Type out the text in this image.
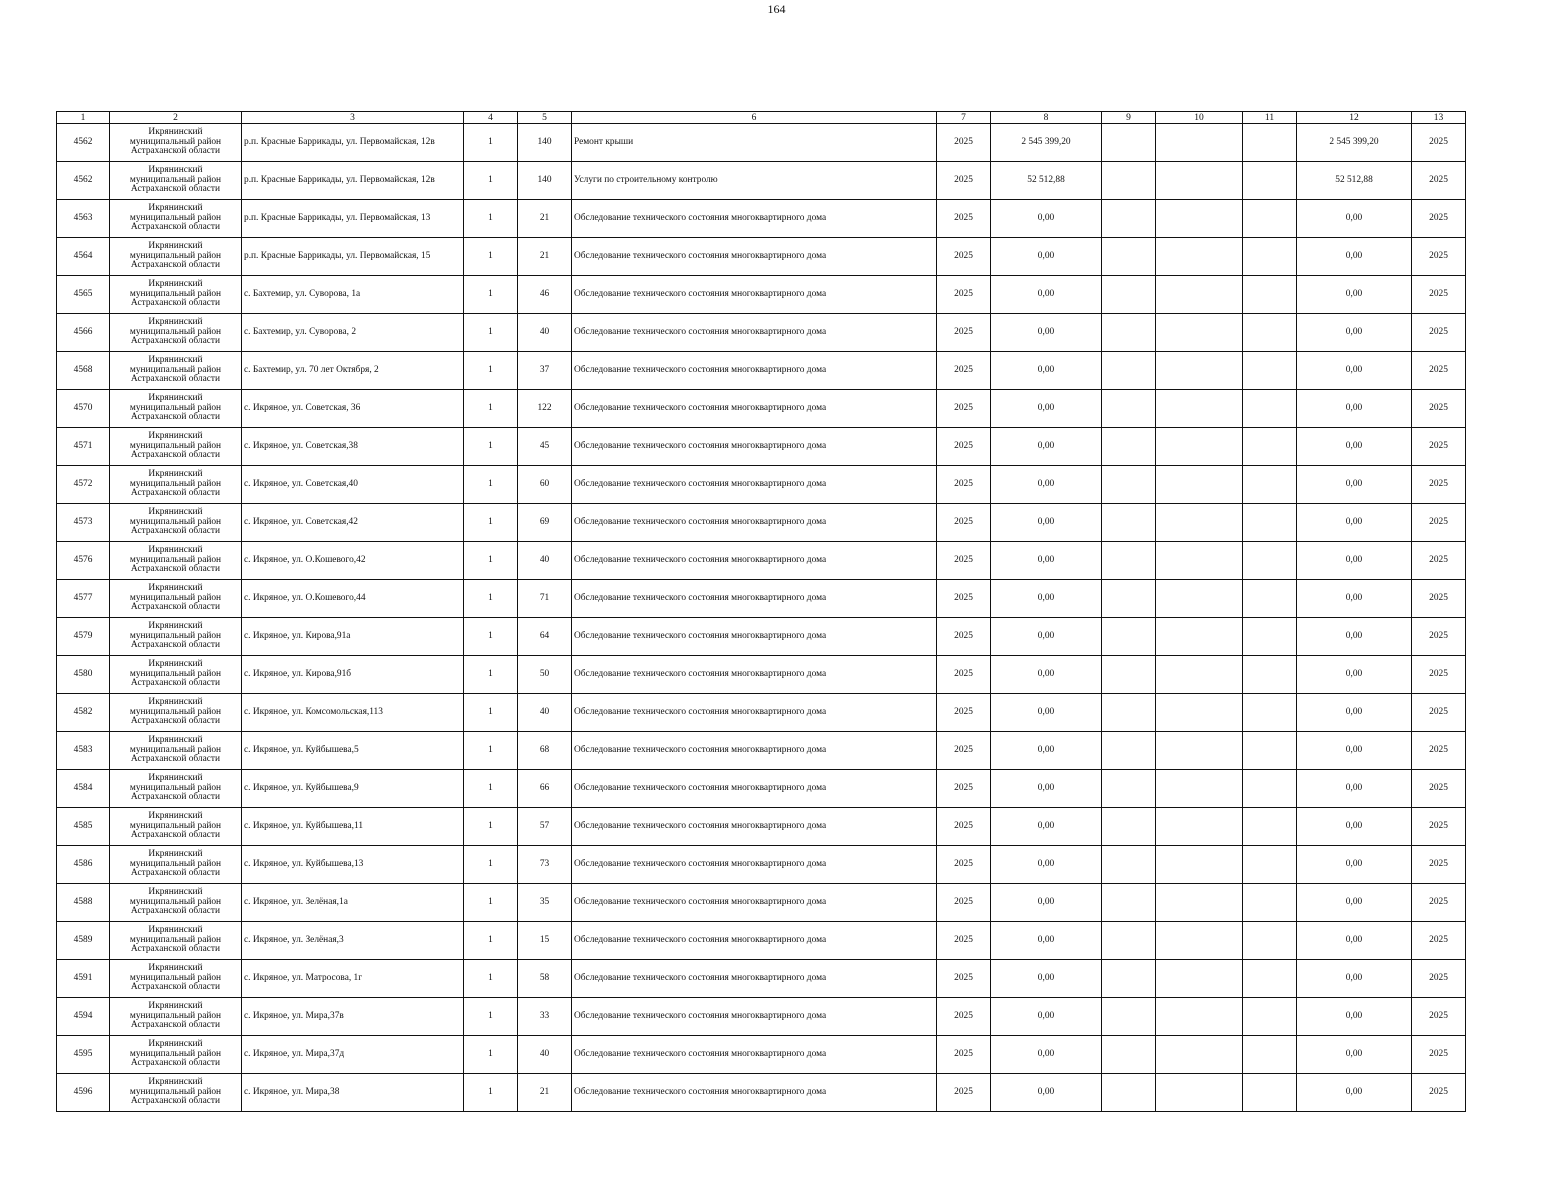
164
1	2	3	4	5	6	7	8	9	10	11	12	13
4562	Икрянинский
муниципальный район
Астраханской области	р.п. Красные Баррикады, ул. Первомайская, 12в	1	140	Ремонт крыши	2025	2 545 399,20				2 545 399,20	2025
4562	Икрянинский
муниципальный район
Астраханской области	р.п. Красные Баррикады, ул. Первомайская, 12в	1	140	Услуги по строительному контролю	2025	52 512,88				52 512,88	2025
4563	Икрянинский
муниципальный район
Астраханской области	р.п. Красные Баррикады, ул. Первомайская, 13	1	21	Обследование технического состояния многоквартирного дома	2025	0,00				0,00	2025
4564	Икрянинский
муниципальный район
Астраханской области	р.п. Красные Баррикады, ул. Первомайская, 15	1	21	Обследование технического состояния многоквартирного дома	2025	0,00				0,00	2025
4565	Икрянинский
муниципальный район
Астраханской области	с. Бахтемир, ул. Суворова, 1а	1	46	Обследование технического состояния многоквартирного дома	2025	0,00				0,00	2025
4566	Икрянинский
муниципальный район
Астраханской области	с. Бахтемир, ул. Суворова, 2	1	40	Обследование технического состояния многоквартирного дома	2025	0,00				0,00	2025
4568	Икрянинский
муниципальный район
Астраханской области	с. Бахтемир, ул. 70 лет Октября, 2	1	37	Обследование технического состояния многоквартирного дома	2025	0,00				0,00	2025
4570	Икрянинский
муниципальный район
Астраханской области	с. Икряное, ул. Советская, 36	1	122	Обследование технического состояния многоквартирного дома	2025	0,00				0,00	2025
4571	Икрянинский
муниципальный район
Астраханской области	с. Икряное, ул. Советская,38	1	45	Обследование технического состояния многоквартирного дома	2025	0,00				0,00	2025
4572	Икрянинский
муниципальный район
Астраханской области	с. Икряное, ул. Советская,40	1	60	Обследование технического состояния многоквартирного дома	2025	0,00				0,00	2025
4573	Икрянинский
муниципальный район
Астраханской области	с. Икряное, ул. Советская,42	1	69	Обследование технического состояния многоквартирного дома	2025	0,00				0,00	2025
4576	Икрянинский
муниципальный район
Астраханской области	с. Икряное, ул. О.Кошевого,42	1	40	Обследование технического состояния многоквартирного дома	2025	0,00				0,00	2025
4577	Икрянинский
муниципальный район
Астраханской области	с. Икряное, ул. О.Кошевого,44	1	71	Обследование технического состояния многоквартирного дома	2025	0,00				0,00	2025
4579	Икрянинский
муниципальный район
Астраханской области	с. Икряное, ул. Кирова,91а	1	64	Обследование технического состояния многоквартирного дома	2025	0,00				0,00	2025
4580	Икрянинский
муниципальный район
Астраханской области	с. Икряное, ул. Кирова,91б	1	50	Обследование технического состояния многоквартирного дома	2025	0,00				0,00	2025
4582	Икрянинский
муниципальный район
Астраханской области	с. Икряное, ул. Комсомольская,113	1	40	Обследование технического состояния многоквартирного дома	2025	0,00				0,00	2025
4583	Икрянинский
муниципальный район
Астраханской области	с. Икряное, ул. Куйбышева,5	1	68	Обследование технического состояния многоквартирного дома	2025	0,00				0,00	2025
4584	Икрянинский
муниципальный район
Астраханской области	с. Икряное, ул. Куйбышева,9	1	66	Обследование технического состояния многоквартирного дома	2025	0,00				0,00	2025
4585	Икрянинский
муниципальный район
Астраханской области	с. Икряное, ул. Куйбышева,11	1	57	Обследование технического состояния многоквартирного дома	2025	0,00				0,00	2025
4586	Икрянинский
муниципальный район
Астраханской области	с. Икряное, ул. Куйбышева,13	1	73	Обследование технического состояния многоквартирного дома	2025	0,00				0,00	2025
4588	Икрянинский
муниципальный район
Астраханской области	с. Икряное, ул. Зелёная,1а	1	35	Обследование технического состояния многоквартирного дома	2025	0,00				0,00	2025
4589	Икрянинский
муниципальный район
Астраханской области	с. Икряное, ул. Зелёная,3	1	15	Обследование технического состояния многоквартирного дома	2025	0,00				0,00	2025
4591	Икрянинский
муниципальный район
Астраханской области	с. Икряное, ул. Матросова, 1г	1	58	Обследование технического состояния многоквартирного дома	2025	0,00				0,00	2025
4594	Икрянинский
муниципальный район
Астраханской области	с. Икряное, ул. Мира,37в	1	33	Обследование технического состояния многоквартирного дома	2025	0,00				0,00	2025
4595	Икрянинский
муниципальный район
Астраханской области	с. Икряное, ул. Мира,37д	1	40	Обследование технического состояния многоквартирного дома	2025	0,00				0,00	2025
4596	Икрянинский
муниципальный район
Астраханской области	с. Икряное, ул. Мира,38	1	21	Обследование технического состояния многоквартирного дома	2025	0,00				0,00	2025
